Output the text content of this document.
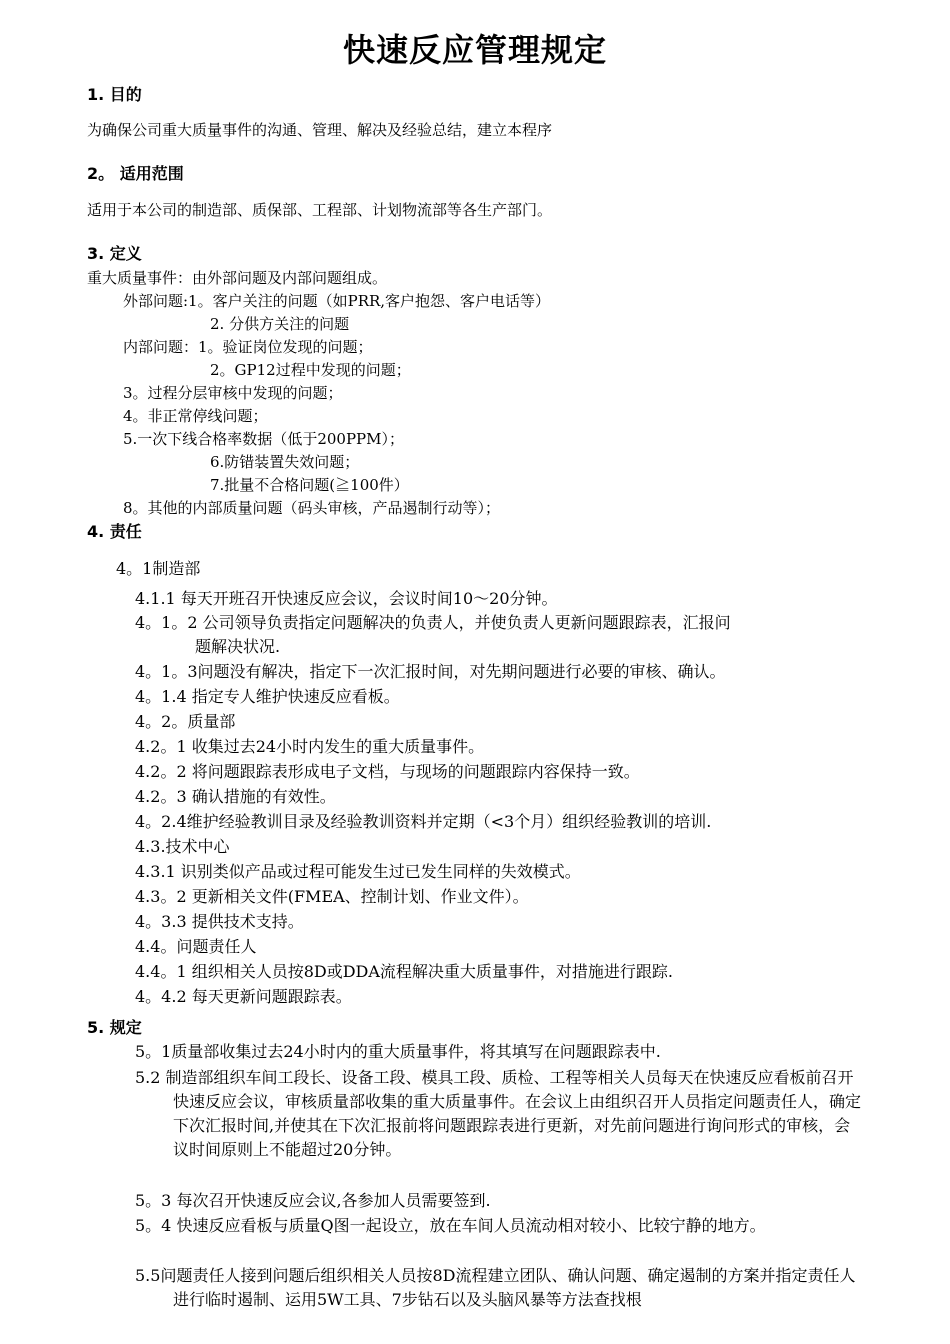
快速反应管理规定
1. 目的
为确保公司重大质量事件的沟通、管理、解决及经验总结，建立本程序
2。 适用范围
适用于本公司的制造部、质保部、工程部、计划物流部等各生产部门。
3. 定义
重大质量事件：由外部问题及内部问题组成。
外部问题:1。客户关注的问题（如PRR,客户抱怨、客户电话等）
2. 分供方关注的问题
内部问题：1。验证岗位发现的问题；
2。GP12过程中发现的问题；
3。过程分层审核中发现的问题；
4。非正常停线问题；
5.一次下线合格率数据（低于200PPM）；
6.防错装置失效问题；
7.批量不合格问题(≧100件）
8。其他的内部质量问题（码头审核，产品遏制行动等）；
4. 责任
4。1制造部
4.1.1 每天开班召开快速反应会议，会议时间10～20分钟。
4。1。2 公司领导负责指定问题解决的负责人，并使负责人更新问题跟踪表，汇报问
题解决状况.
4。1。3问题没有解决，指定下一次汇报时间，对先期问题进行必要的审核、确认。
4。1.4 指定专人维护快速反应看板。
4。2。质量部
4.2。1 收集过去24小时内发生的重大质量事件。
4.2。2 将问题跟踪表形成电子文档，与现场的问题跟踪内容保持一致。
4.2。3 确认措施的有效性。
4。2.4维护经验教训目录及经验教训资料并定期（<3个月）组织经验教训的培训.
4.3.技术中心
4.3.1 识别类似产品或过程可能发生过已发生同样的失效模式。
4.3。2 更新相关文件(FMEA、控制计划、作业文件）。
4。3.3 提供技术支持。
4.4。问题责任人
4.4。1 组织相关人员按8D或DDA流程解决重大质量事件，对措施进行跟踪.
4。4.2 每天更新问题跟踪表。
5. 规定
5。1质量部收集过去24小时内的重大质量事件，将其填写在问题跟踪表中.
5.2 制造部组织车间工段长、设备工段、模具工段、质检、工程等相关人员每天在快速反应看板前召开快速反应会议，审核质量部收集的重大质量事件。在会议上由组织召开人员指定问题责任人，确定下次汇报时间,并使其在下次汇报前将问题跟踪表进行更新，对先前问题进行询问形式的审核，会议时间原则上不能超过20分钟。
5。3 每次召开快速反应会议,各参加人员需要签到.
5。4 快速反应看板与质量Q图一起设立，放在车间人员流动相对较小、比较宁静的地方。
5.5问题责任人接到问题后组织相关人员按8D流程建立团队、确认问题、确定遏制的方案并指定责任人进行临时遏制、运用5W工具、7步钻石以及头脑风暴等方法查找根
